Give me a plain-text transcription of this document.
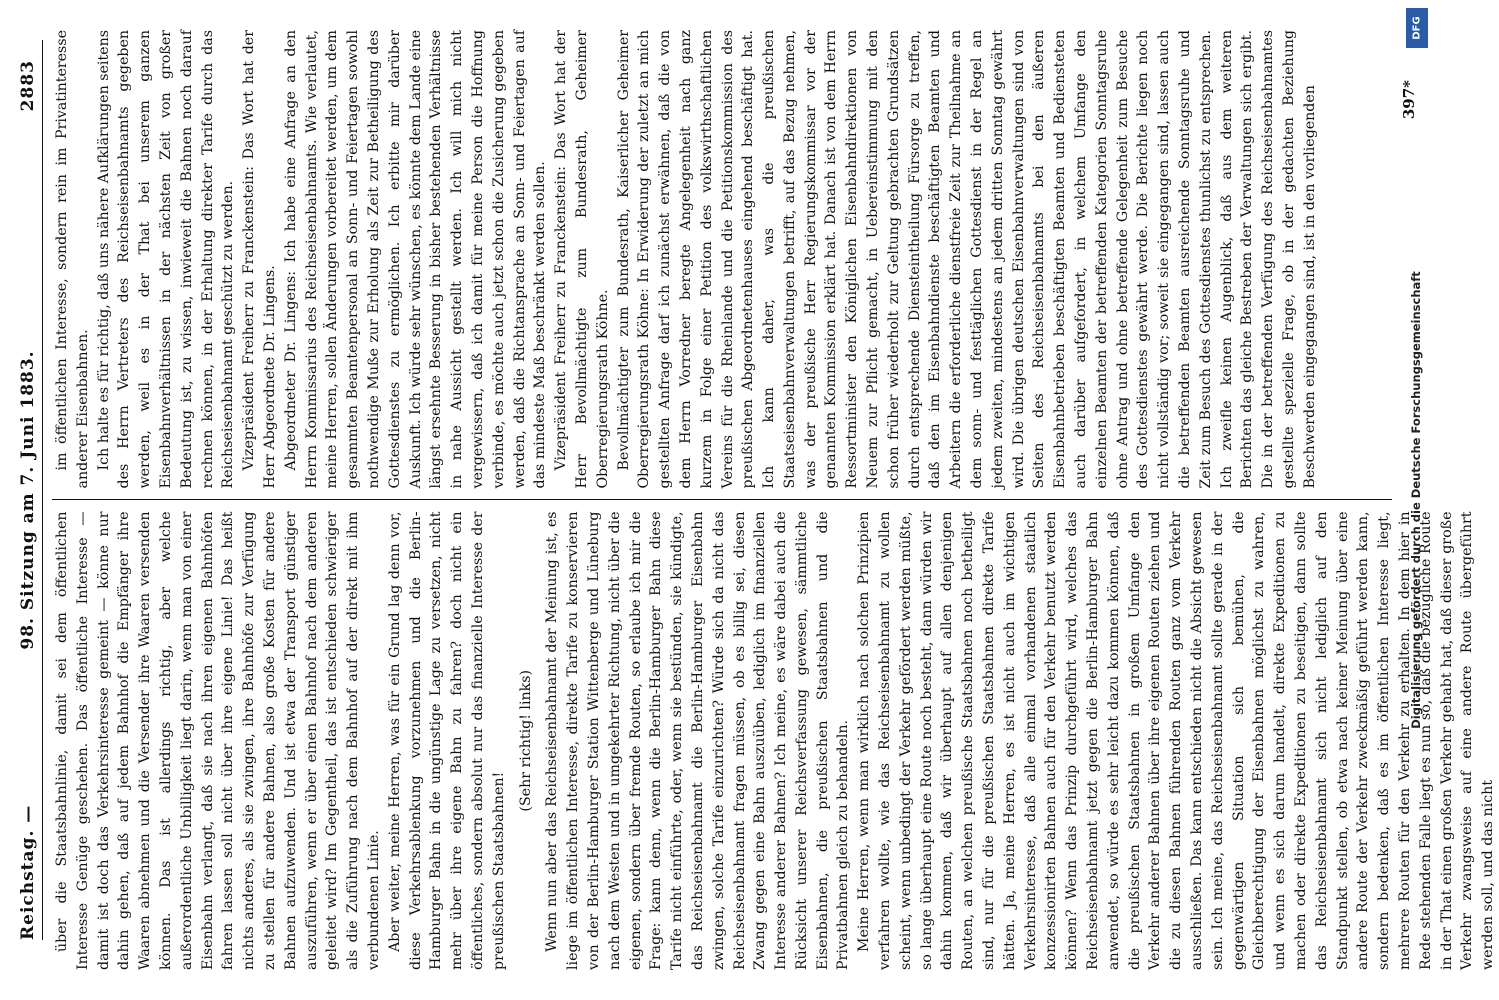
Reichstag. —
98. Sitzung am 7. Juni 1883.
2883

über die Staatsbahnlinie, damit sei dem öffentlichen Interesse Genüge geschehen. Das öffentliche Interesse — damit ist doch das Verkehrsinteresse gemeint — könne nur dahin gehen, daß auf jedem Bahnhof die Empfänger ihre Waaren abnehmen und die Versender ihre Waaren versenden können. Das ist allerdings richtig, aber welche außerordentliche Unbilligkeit liegt darin, wenn man von einer Eisenbahn verlangt, daß sie nach ihren eigenen Bahnhöfen fahren lassen soll nicht über ihre eigene Linie! Das heißt nichts anderes, als sie zwingen, ihre Bahnhöfe zur Verfügung zu stellen für andere Bahnen, also große Kosten für andere Bahnen aufzuwenden. Und ist etwa der Transport günstiger auszuführen, wenn er über einen Bahnhof nach dem anderen geleitet wird? Im Gegentheil, das ist entschieden schwieriger als die Zuführung nach dem Bahnhof auf der direkt mit ihm verbundenen Linie. Aber weiter, meine Herren, was für ein Grund lag denn vor, diese Verkehrsablenkung vorzunehmen und die Berlin-Hamburger Bahn in die ungünstige Lage zu versetzen, nicht mehr über ihre eigene Bahn zu fahren? doch nicht ein öffentliches, sondern absolut nur das finanzielle Interesse der preußischen Staatsbahnen!

(Sehr richtig! links) Wenn nun aber das Reichseisenbahnamt der Meinung ist, es liege im öffentlichen Interesse, direkte Tarife zu konservieren von der Berlin-Hamburger Station Wittenberge und Lüneburg nach dem Westen und in umgekehrter Richtung, nicht über die eigenen, sondern über fremde Routen, so erlaube ich mir die Frage: kann denn, wenn die Berlin-Hamburger Bahn diese Tarife nicht einführte, oder, wenn sie bestünden, sie kündigte, das Reichseisenbahnamt die Berlin-Hamburger Eisenbahn zwingen, solche Tarife einzurichten? Würde sich da nicht das Reichseisenbahnamt fragen müssen, ob es billig sei, diesen Zwang gegen eine Bahn auszuüben, lediglich im finanziellen Interesse anderer Bahnen? Ich meine, es wäre dabei auch die Rücksicht unserer Reichsverfassung gewesen, sämmtliche Eisenbahnen, die preußischen Staatsbahnen und die Privatbahnen gleich zu behandeln. Meine Herren, wenn man wirklich nach solchen Prinzipien verfahren wollte, wie das Reichseisenbahnamt zu wollen scheint, wenn unbedingt der Verkehr gefördert werden müßte, so lange überhaupt eine Route noch besteht, dann würden wir dahin kommen, daß wir überhaupt auf allen denjenigen Routen, an welchen preußische Staatsbahnen noch betheiligt sind, nur für die preußischen Staatsbahnen direkte Tarife hätten. Ja, meine Herren, es ist nicht auch im wichtigen Verkehrsinteresse, daß alle einmal vorhandenen staatlich konzessionirten Bahnen auch für den Verkehr benutzt werden können? Wenn das Prinzip durchgeführt wird, welches das Reichseisenbahnamt jetzt gegen die Berlin-Hamburger Bahn anwendet, so würde es sehr leicht dazu kommen können, daß die preußischen Staatsbahnen in großem Umfange den Verkehr anderer Bahnen über ihre eigenen Routen ziehen und die zu diesen Bahnen führenden Routen ganz vom Verkehr ausschließen. Das kann entschieden nicht die Absicht gewesen sein. Ich meine, das Reichseisenbahnamt sollte gerade in der gegenwärtigen Situation sich bemühen, die Gleichberechtigung der Eisenbahnen möglichst zu wahren, und wenn es sich darum handelt, direkte Expeditionen zu machen oder direkte Expeditionen zu beseitigen, dann sollte das Reichseisenbahnamt sich nicht lediglich auf den Standpunkt stellen, ob etwa nach keiner Meinung über eine andere Route der Verkehr zweckmäßig geführt werden kann, sondern bedenken, daß es im öffentlichen Interesse liegt, mehrere Routen für den Verkehr zu erhalten. In dem hier in Rede stehenden Falle liegt es nun so, daß die bezügliche Route in der That einen großen Verkehr gehabt hat, daß dieser große Verkehr zwangsweise auf eine andere Route übergeführt werden soll, und das nicht

im öffentlichen Interesse, sondern rein im Privatinteresse anderer Eisenbahnen. Ich halte es für richtig, daß uns nähere Aufklärungen seitens des Herrn Vertreters des Reichseisenbahnamts gegeben werden, weil es in der That bei unserem ganzen Eisenbahnverhältnissen in der nächsten Zeit von großer Bedeutung ist, zu wissen, inwieweit die Bahnen noch darauf rechnen können, in der Erhaltung direkter Tarife durch das Reichseisenbahnamt geschützt zu werden. Vizepräsident Freiherr zu Franckenstein: Das Wort hat der Herr Abgeordnete Dr. Lingens. Abgeordneter Dr. Lingens: Ich habe eine Anfrage an den Herrn Kommissarius des Reichseisenbahnamts. Wie verlautet, meine Herren, sollen Änderungen vorbereitet werden, um dem gesammten Beamtenpersonal an Sonn- und Feiertagen sowohl nothwendige Muße zur Erholung als Zeit zur Betheiligung des Gottesdienstes zu ermöglichen. Ich erbitte mir darüber Auskunft. Ich würde sehr wünschen, es könnte dem Lande eine längst ersehnte Besserung in bisher bestehenden Verhältnisse in nahe Aussicht gestellt werden. Ich will mich nicht vergewissern, daß ich damit für meine Person die Hoffnung verbinde, es möchte auch jetzt schon die Zusicherung gegeben werden, daß die Richtansprache an Sonn- und Feiertagen auf das mindeste Maß beschränkt werden sollen. Vizepräsident Freiherr zu Franckenstein: Das Wort hat der Herr Bevollmächtigte zum Bundesrath, Geheimer Oberregierungsrath Köhne. Bevollmächtigter zum Bundesrath, Kaiserlicher Geheimer Oberregierungsrath Köhne: In Erwiderung der zuletzt an mich gestellten Anfrage darf ich zunächst erwähnen, daß die von dem Herrn Vorredner beregte Angelegenheit nach ganz kurzem in Folge einer Petition des volkswirthschaftlichen Vereins für die Rheinlande und die Petitionskommission des preußischen Abgeordnetenhauses eingehend beschäftigt hat. Ich kann daher, was die preußischen Staatseisenbahnverwaltungen betrifft, auf das Bezug nehmen, was der preußische Herr Regierungskommissar vor der genannten Kommission erklärt hat. Danach ist von dem Herrn Ressortminister den Königlichen Eisenbahndirektionen von Neuem zur Pflicht gemacht, in Uebereinstimmung mit den schon früher wiederholt zur Geltung gebrachten Grundsätzen durch entsprechende Diensteintheilung Fürsorge zu treffen, daß den im Eisenbahndienste beschäftigten Beamten und Arbeitern die erforderliche dienstfreie Zeit zur Theilnahme an dem sonn- und festtäglichen Gottesdienst in der Regel an jedem zweiten, mindestens an jedem dritten Sonntag gewährt wird. Die übrigen deutschen Eisenbahnverwaltungen sind von Seiten des Reichseisenbahnamts bei den äußeren Eisenbahnbetrieben beschäftigten Beamten und Bediensteten auch darüber aufgefordert, in welchem Umfange den einzelnen Beamten der betreffenden Kategorien Sonntagsruhe ohne Antrag und ohne betreffende Gelegenheit zum Besuche des Gottesdienstes gewährt werde. Die Berichte liegen noch nicht vollständig vor; soweit sie eingegangen sind, lassen auch die betreffenden Beamten ausreichende Sonntagsruhe und Zeit zum Besuch des Gottesdienstes thunlichst zu entsprechen. Ich zweifle keinen Augenblick, daß aus dem weiteren Berichten das gleiche Bestreben der Verwaltungen sich ergibt. Die in der betreffenden Verfügung des Reichseisenbahnamtes gestellte spezielle Frage, ob in der gedachten Beziehung Beschwerden eingegangen sind, ist in den vorliegenden	397*
Digitalisierung gefördert durch die Deutsche Forschungsgemeinschaft
DFG
